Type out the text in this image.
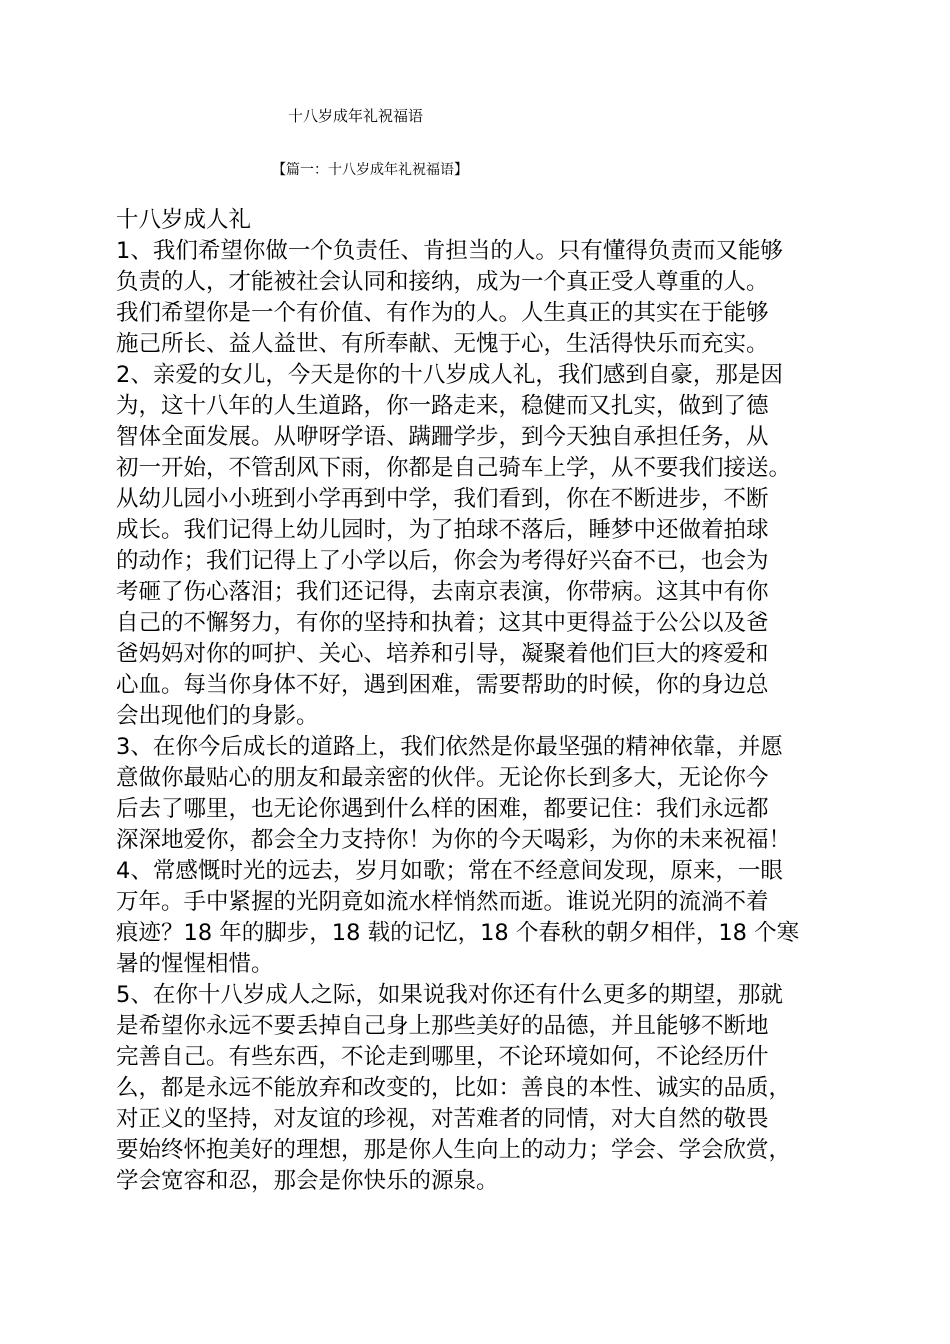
十八岁成年礼祝福语
【篇一：十八岁成年礼祝福语】
十八岁成人礼
1、我们希望你做一个负责任、肯担当的人。只有懂得负责而又能够
负责的人，才能被社会认同和接纳，成为一个真正受人尊重的人。
我们希望你是一个有价值、有作为的人。人生真正的其实在于能够
施己所长、益人益世、有所奉献、无愧于心，生活得快乐而充实。
2、亲爱的女儿，今天是你的十八岁成人礼，我们感到自豪，那是因
为，这十八年的人生道路，你一路走来，稳健而又扎实，做到了德
智体全面发展。从咿呀学语、蹒跚学步，到今天独自承担任务，从
初一开始，不管刮风下雨，你都是自己骑车上学，从不要我们接送。
从幼儿园小小班到小学再到中学，我们看到，你在不断进步，不断
成长。我们记得上幼儿园时，为了拍球不落后，睡梦中还做着拍球
的动作；我们记得上了小学以后，你会为考得好兴奋不已，也会为
考砸了伤心落泪；我们还记得，去南京表演，你带病。这其中有你
自己的不懈努力，有你的坚持和执着；这其中更得益于公公以及爸
爸妈妈对你的呵护、关心、培养和引导，凝聚着他们巨大的疼爱和
心血。每当你身体不好，遇到困难，需要帮助的时候，你的身边总
会出现他们的身影。
3、在你今后成长的道路上，我们依然是你最坚强的精神依靠，并愿
意做你最贴心的朋友和最亲密的伙伴。无论你长到多大，无论你今
后去了哪里，也无论你遇到什么样的困难，都要记住：我们永远都
深深地爱你，都会全力支持你！为你的今天喝彩，为你的未来祝福！
4、常感慨时光的远去，岁月如歌；常在不经意间发现，原来，一眼
万年。手中紧握的光阴竟如流水样悄然而逝。谁说光阴的流淌不着
痕迹？18 年的脚步，18 载的记忆，18 个春秋的朝夕相伴，18 个寒
暑的惺惺相惜。
5、在你十八岁成人之际，如果说我对你还有什么更多的期望，那就
是希望你永远不要丢掉自己身上那些美好的品德，并且能够不断地
完善自己。有些东西，不论走到哪里，不论环境如何，不论经历什
么，都是永远不能放弃和改变的，比如：善良的本性、诚实的品质，
对正义的坚持，对友谊的珍视，对苦难者的同情，对大自然的敬畏
要始终怀抱美好的理想，那是你人生向上的动力；学会、学会欣赏，
学会宽容和忍，那会是你快乐的源泉。
